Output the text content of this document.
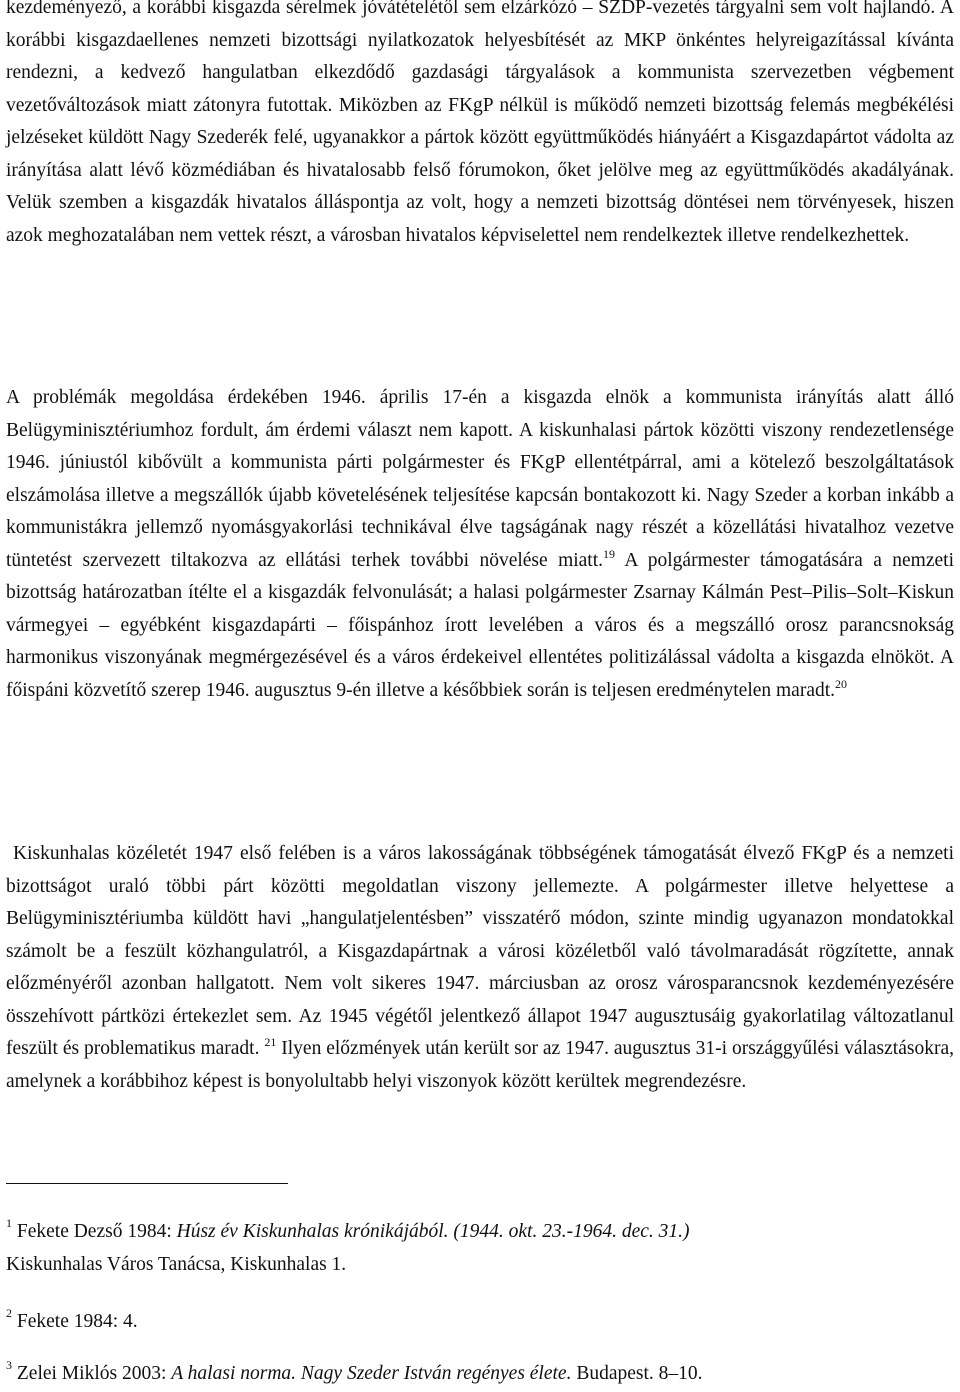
kezdeményező, a korábbi kisgazda sérelmek jóvátételétől sem elzárkózó – SZDP-vezetés tárgyalni sem volt hajlandó. A korábbi kisgazdaellenes nemzeti bizottsági nyilatkozatok helyesbítését az MKP önkéntes helyreigazítással kívánta rendezni, a kedvező hangulatban elkezdődő gazdasági tárgyalások a kommunista szervezetben végbement vezetőváltozások miatt zátonyra futottak. Miközben az FKgP nélkül is működő nemzeti bizottság felemás megbékélési jelzéseket küldött Nagy Szederék felé, ugyanakkor a pártok között együttműködés hiányáért a Kisgazdapártot vádolta az irányítása alatt lévő közmédiában és hivatalosabb felső fórumokon, őket jelölve meg az együttműködés akadályának. Velük szemben a kisgazdák hivatalos álláspontja az volt, hogy a nemzeti bizottság döntései nem törvényesek, hiszen azok meghozatalában nem vettek részt, a városban hivatalos képviselettel nem rendelkeztek illetve rendelkezhettek.

A problémák megoldása érdekében 1946. április 17-én a kisgazda elnök a kommunista irányítás alatt álló Belügyminisztériumhoz fordult, ám érdemi választ nem kapott. A kiskunhalasi pártok közötti viszony rendezetlensége 1946. júniustól kibővült a kommunista párti polgármester és FKgP ellentétpárral, ami a kötelező beszolgáltatások elszámolása illetve a megszállók újabb követelésének teljesítése kapcsán bontakozott ki. Nagy Szeder a korban inkább a kommunistákra jellemző nyomásgyakorlási technikával élve tagságának nagy részét a közellátási hivatalhoz vezetve tüntetést szervezett tiltakozva az ellátási terhek további növelése miatt.$^{19}$ A polgármester támogatására a nemzeti bizottság határozatban ítélte el a kisgazdák felvonulását; a halasi polgármester Zsarnay Kálmán Pest–Pilis–Solt–Kiskun vármegyei – egyébként kisgazdapárti – főispánhoz írott levelében a város és a megszálló orosz parancsnokság harmonikus viszonyának megmérgezésével és a város érdekeivel ellentétes politizálással vádolta a kisgazda elnököt. A főispáni közvetítő szerep 1946. augusztus 9-én illetve a későbbiek során is teljesen eredménytelen maradt.$^{20}$

Kiskunhalas közéletét 1947 első felében is a város lakosságának többségének támogatását élvező FKgP és a nemzeti bizottságot uraló többi párt közötti megoldatlan viszony jellemezte. A polgármester illetve helyettese a Belügyminisztériumba küldött havi „hangulatjelentésben” visszatérő módon, szinte mindig ugyanazon mondatokkal számolt be a feszült közhangulatról, a Kisgazdapártnak a városi közéletből való távolmaradását rögzítette, annak előzményéről azonban hallgatott. Nem volt sikeres 1947. márciusban az orosz városparancsnok kezdeményezésére összehívott pártközi értekezlet sem. Az 1945 végétől jelentkező állapot 1947 augusztusáig gyakorlatilag változatlanul feszült és problematikus maradt. $^{21}$ Ilyen előzmények után került sor az 1947. augusztus 31-i országgyűlési választásokra, amelynek a korábbihoz képest is bonyolultabb helyi viszonyok között kerültek megrendezésre.

$^1$ Fekete Dezső 1984: Húsz év Kiskunhalas krónikájából. (1944. okt. 23.-1964. dec. 31.)
Kiskunhalas Város Tanácsa, Kiskunhalas 1.

$^2$ Fekete 1984: 4.

$^3$ Zelei Miklós 2003: A halasi norma. Nagy Szeder István regényes élete. Budapest. 8–10.
